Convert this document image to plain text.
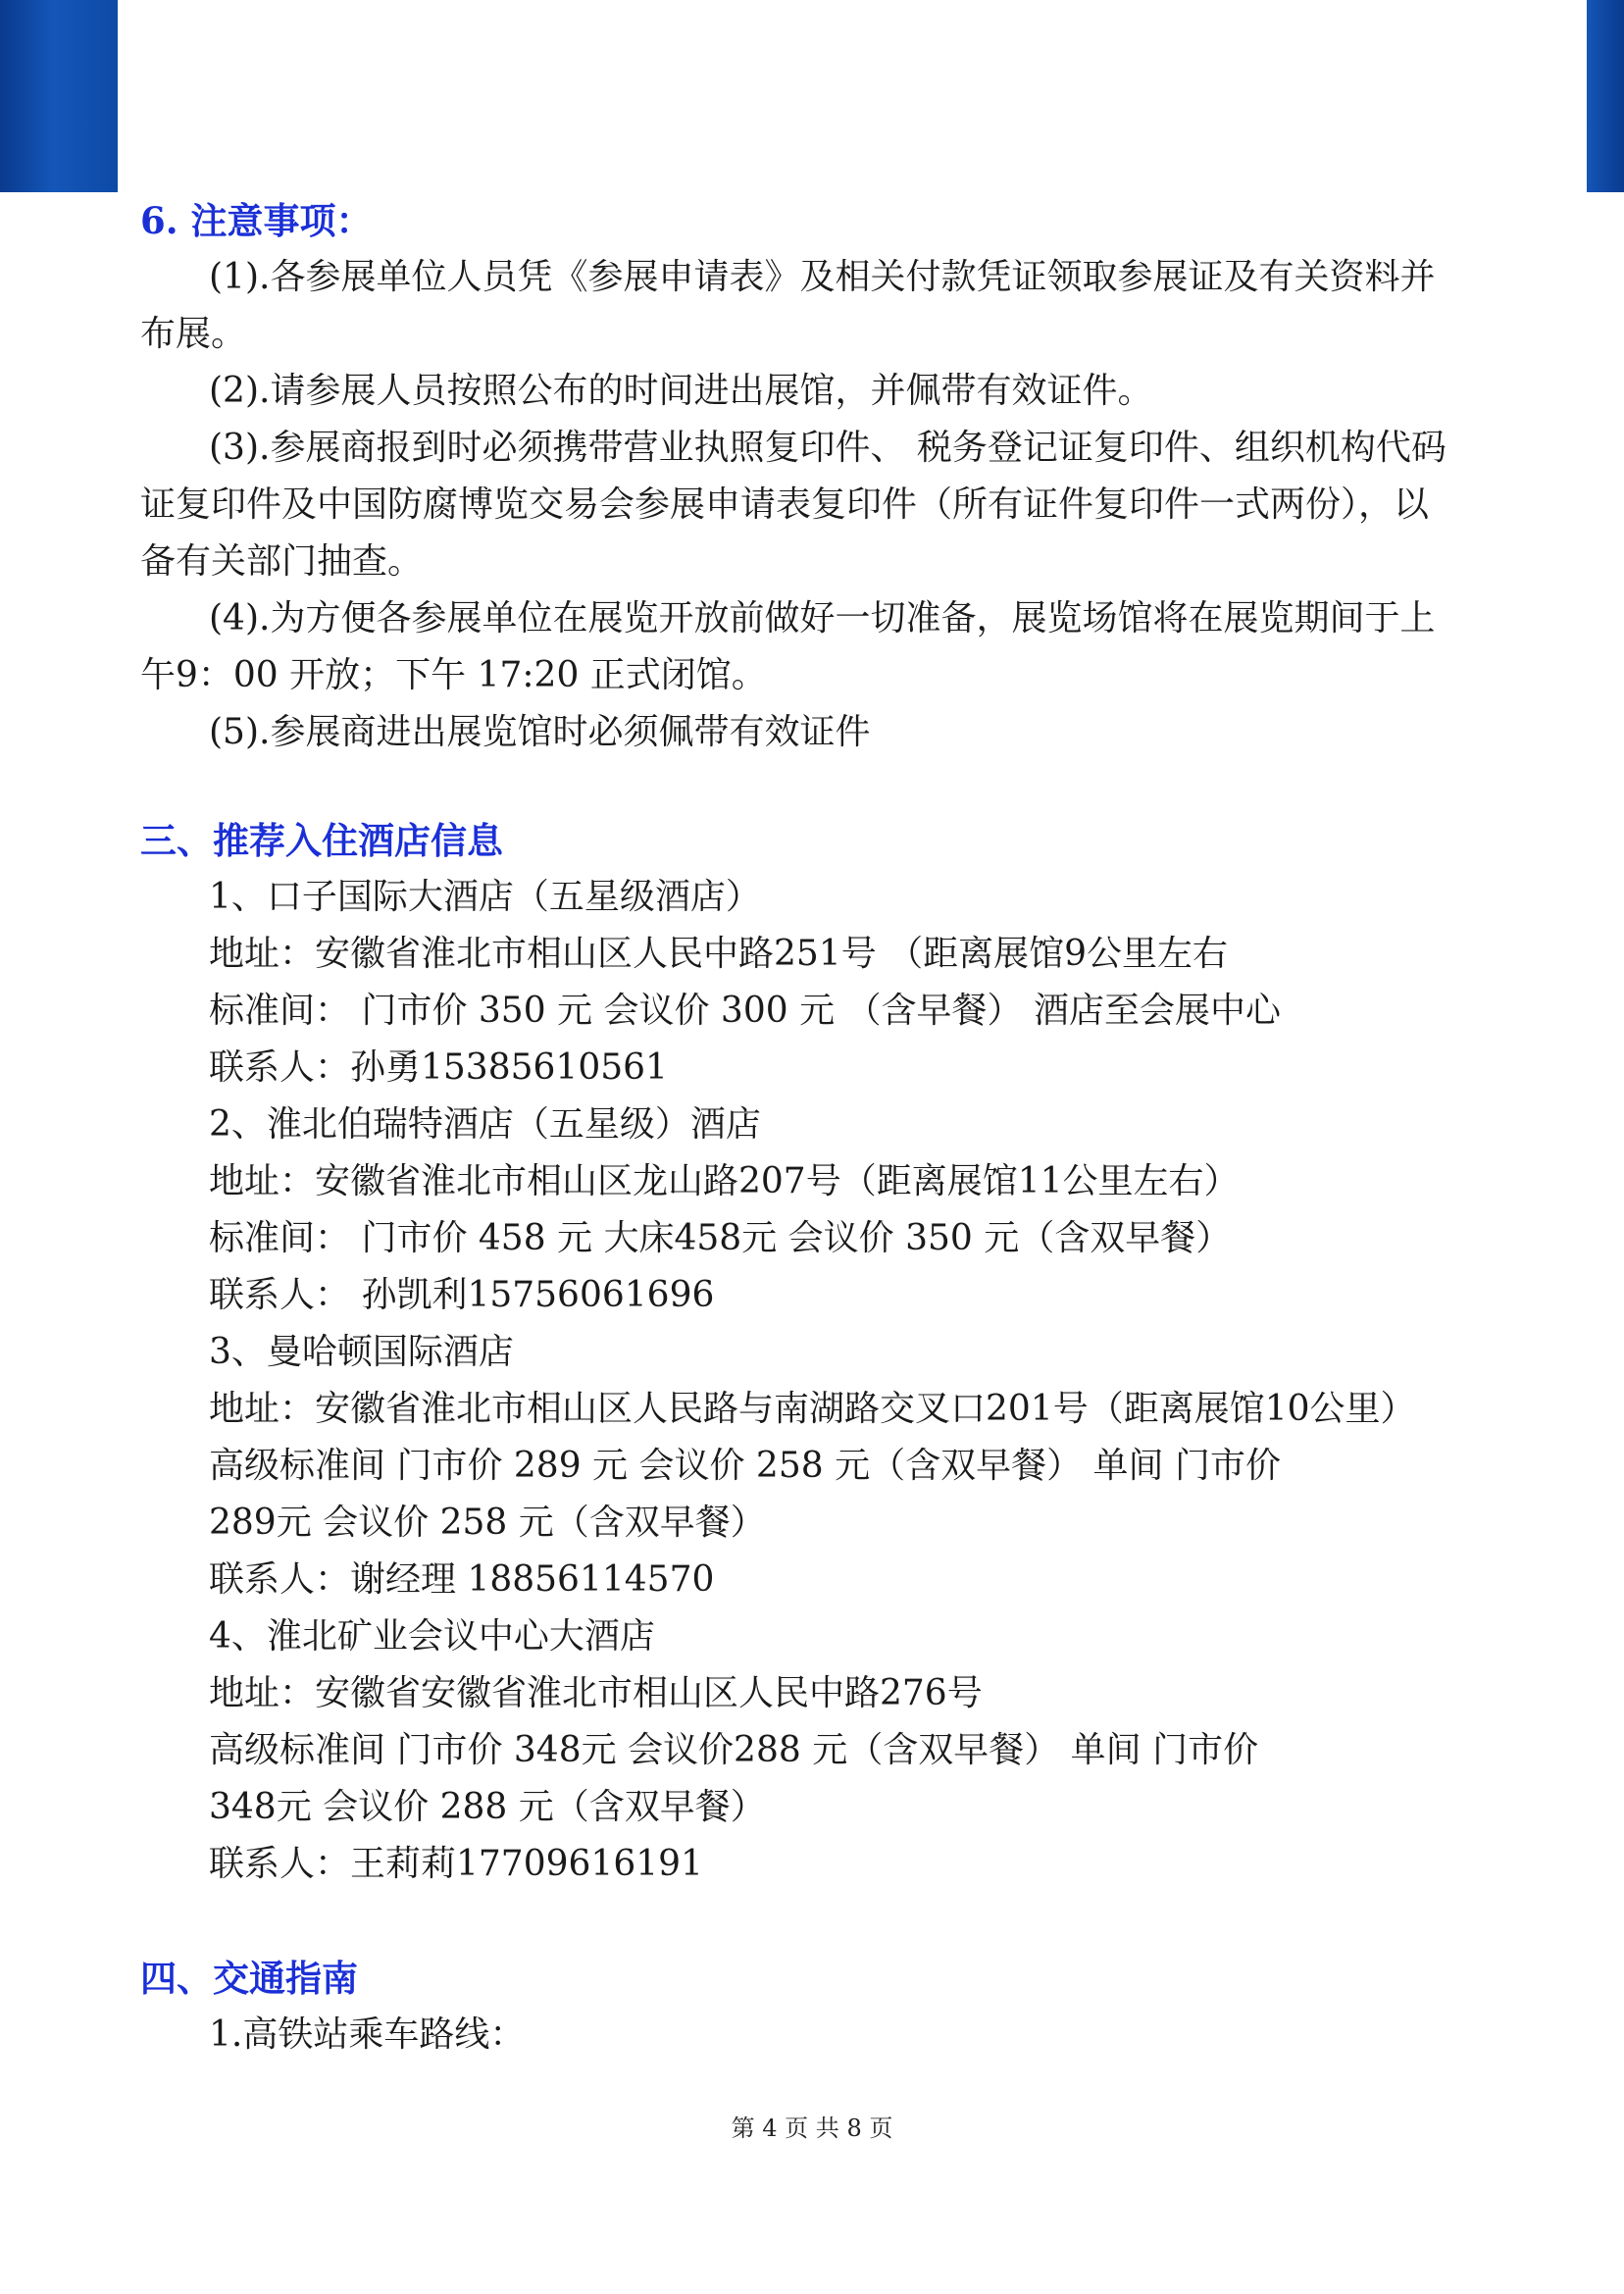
6. 注意事项：
(1).各参展单位人员凭《参展申请表》及相关付款凭证领取参展证及有关资料并
布展。
(2).请参展人员按照公布的时间进出展馆，并佩带有效证件。
(3).参展商报到时必须携带营业执照复印件、 税务登记证复印件、组织机构代码
证复印件及中国防腐博览交易会参展申请表复印件（所有证件复印件一式两份），以
备有关部门抽查。
(4).为方便各参展单位在展览开放前做好一切准备，展览场馆将在展览期间于上
午9：00 开放；下午 17:20 正式闭馆。
(5).参展商进出展览馆时必须佩带有效证件
三、推荐入住酒店信息
1、口子国际大酒店（五星级酒店）
地址：安徽省淮北市相山区人民中路251号 （距离展馆9公里左右
标准间： 门市价 350 元 会议价 300 元 （含早餐） 酒店至会展中心
联系人：孙勇15385610561
2、淮北伯瑞特酒店（五星级）酒店
地址：安徽省淮北市相山区龙山路207号（距离展馆11公里左右）
标准间： 门市价 458 元 大床458元 会议价 350 元（含双早餐）
联系人： 孙凯利15756061696
3、曼哈顿国际酒店
地址：安徽省淮北市相山区人民路与南湖路交叉口201号（距离展馆10公里）
高级标准间 门市价 289 元 会议价 258 元（含双早餐） 单间 门市价
289元 会议价 258 元（含双早餐）
联系人：谢经理 18856114570
4、淮北矿业会议中心大酒店
地址：安徽省安徽省淮北市相山区人民中路276号
高级标准间 门市价 348元 会议价288 元（含双早餐） 单间 门市价
348元 会议价 288 元（含双早餐）
联系人：王莉莉17709616191
四、交通指南
1.高铁站乘车路线：
第 4 页 共 8 页
